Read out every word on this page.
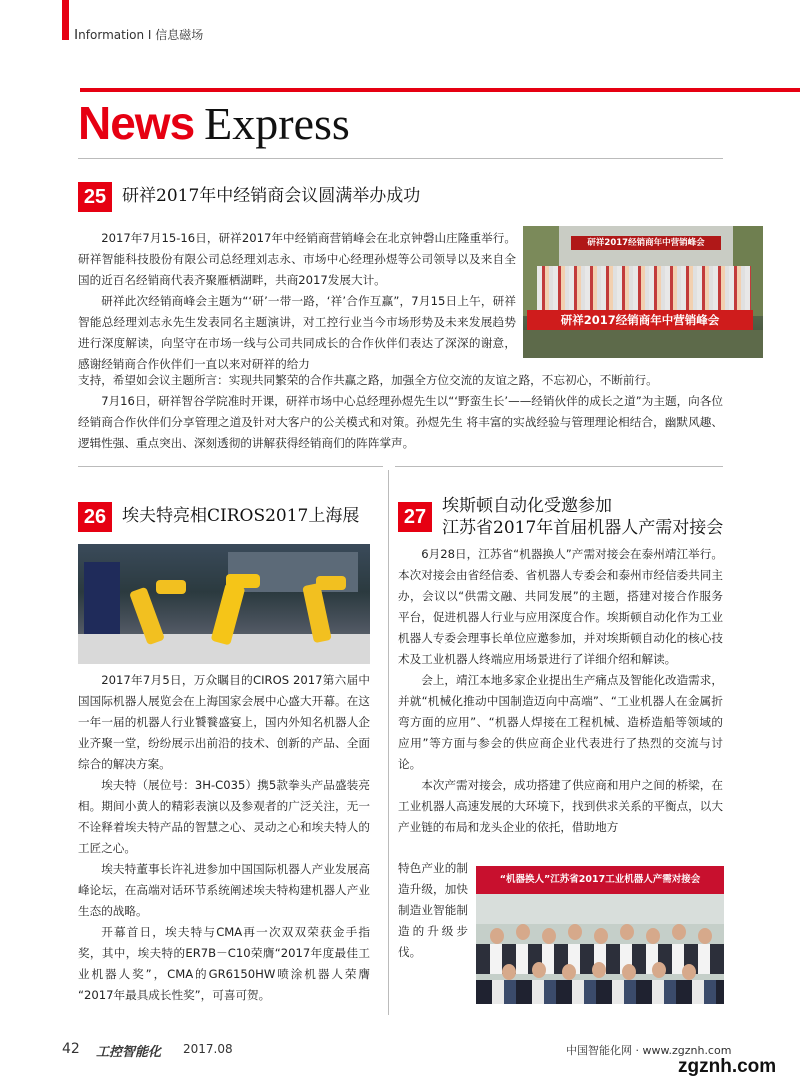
Information I 信息磁场
News Express
25 研祥2017年中经销商会议圆满举办成功

2017年7月15-16日，研祥2017年中经销商营销峰会在北京钟磬山庄隆重举行。研祥智能科技股份有限公司总经理刘志永、市场中心经理孙煜等公司领导以及来自全国的近百名经销商代表齐聚雁栖湖畔，共商2017发展大计。

研祥此次经销商峰会主题为“‘研’一带一路，‘祥’合作互赢”，7月15日上午，研祥智能总经理刘志永先生发表同名主题演讲，对工控行业当今市场形势及未来发展趋势进行深度解读，向坚守在市场一线与公司共同成长的合作伙伴们表达了深深的谢意，感谢经销商合作伙伴们一直以来对研祥的给力

支持，希望如会议主题所言：实现共同繁荣的合作共赢之路，加强全方位交流的友谊之路，不忘初心，不断前行。

7月16日，研祥智谷学院准时开课，研祥市场中心总经理孙煜先生以“‘野蛮生长’——经销伙伴的成长之道”为主题，向各位经销商合作伙伴们分享管理之道及针对大客户的公关模式和对策。孙煜先生 将丰富的实战经验与管理理论相结合，幽默风趣、逻辑性强、重点突出、深刻透彻的讲解获得经销商们的阵阵掌声。

研祥2017经销商年中营销峰会
研祥2017经销商年中营销峰会
26 埃夫特亮相CIROS2017上海展

2017年7月5日，万众瞩目的CIROS 2017第六届中国国际机器人展览会在上海国家会展中心盛大开幕。在这一年一届的机器人行业饕餮盛宴上，国内外知名机器人企业齐聚一堂，纷纷展示出前沿的技术、创新的产品、全面综合的解决方案。

埃夫特（展位号：3H-C035）携5款拳头产品盛装亮相。期间小黄人的精彩表演以及参观者的广泛关注，无一不诠释着埃夫特产品的智慧之心、灵动之心和埃夫特人的工匠之心。

埃夫特董事长许礼进参加中国国际机器人产业发展高峰论坛，在高端对话环节系统阐述埃夫特构建机器人产业生态的战略。

开幕首日，埃夫特与CMA再一次双双荣获金手指奖，其中，埃夫特的ER7B－C10荣膺“2017年度最佳工业机器人奖”，CMA的GR6150HW喷涂机器人荣膺 “2017年最具成长性奖”，可喜可贺。

27 埃斯顿自动化受邀参加
江苏省2017年首届机器人产需对接会

6月28日，江苏省“机器换人”产需对接会在泰州靖江举行。本次对接会由省经信委、省机器人专委会和泰州市经信委共同主办，会议以“供需文融、共同发展”的主题，搭建对接合作服务平台，促进机器人行业与应用深度合作。埃斯顿自动化作为工业机器人专委会理事长单位应邀参加，并对埃斯顿自动化的核心技术及工业机器人终端应用场景进行了详细介绍和解读。

会上，靖江本地多家企业提出生产痛点及智能化改造需求，并就“机械化推动中国制造迈向中高端”、“工业机器人在金属折弯方面的应用”、“机器人焊接在工程机械、造桥造船等领域的应用”等方面与参会的供应商企业代表进行了热烈的交流与讨论。

本次产需对接会，成功搭建了供应商和用户之间的桥梁，在工业机器人高速发展的大环境下，找到供求关系的平衡点，以大产业链的布局和龙头企业的依托，借助地方

特色产业的制造升级，加快制造业智能制造的升级步伐。

“机器换人”江苏省2017工业机器人产需对接会
42 工控智能化 2017.08	中国智能化网 · www.zgznh.com
zgznh.com
